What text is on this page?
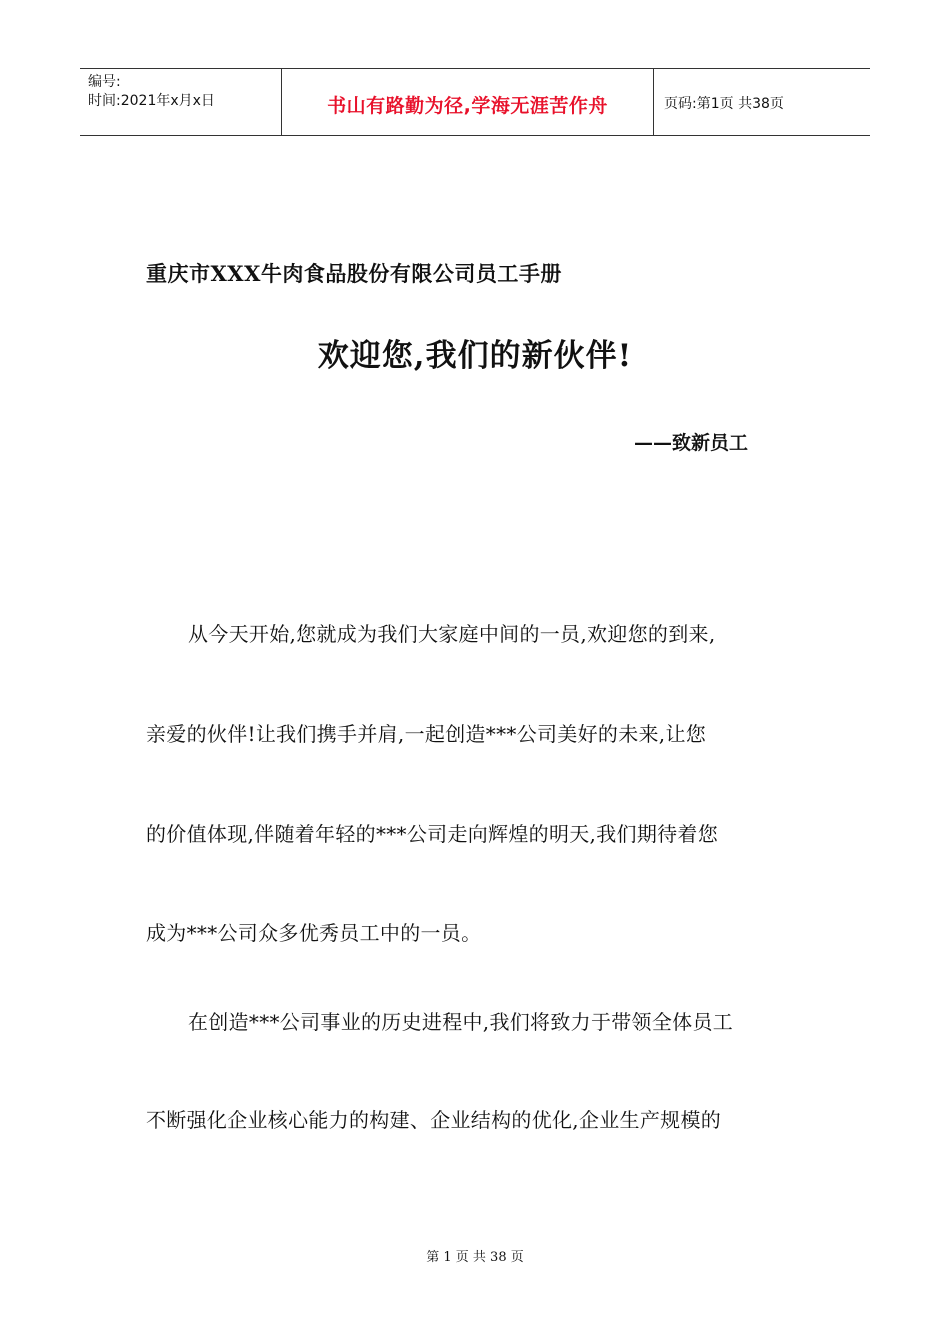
编号:
时间:2021年x月x日	书山有路勤为径,学海无涯苦作舟	页码:第1页 共38页
重庆市XXX牛肉食品股份有限公司员工手册
欢迎您,我们的新伙伴!
——致新员工
从今天开始,您就成为我们大家庭中间的一员,欢迎您的到来,
亲爱的伙伴!让我们携手并肩,一起创造***公司美好的未来,让您
的价值体现,伴随着年轻的***公司走向辉煌的明天,我们期待着您
成为***公司众多优秀员工中的一员。
在创造***公司事业的历史进程中,我们将致力于带领全体员工
不断强化企业核心能力的构建、企业结构的优化,企业生产规模的
第 1 页 共 38 页
